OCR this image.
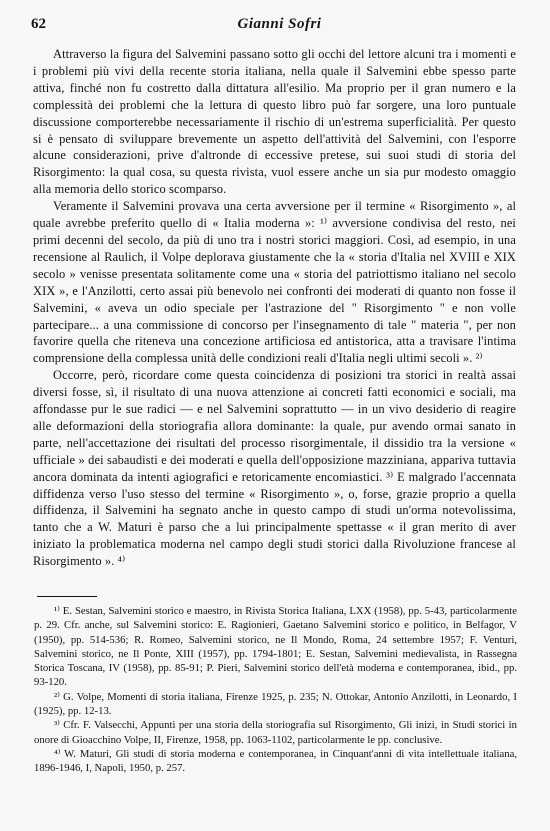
62	Gianni Sofri

Attraverso la figura del Salvemini passano sotto gli occhi del lettore alcuni tra i momenti e i problemi più vivi della recente storia italiana, nella quale il Salvemini ebbe spesso parte attiva, finché non fu costretto dalla dittatura all'esilio. Ma proprio per il gran numero e la complessità dei problemi che la lettura di questo libro può far sorgere, una loro puntuale discussione comporterebbe necessariamente il rischio di un'estrema superficialità. Per questo si è pensato di sviluppare brevemente un aspetto dell'attività del Salvemini, con l'esporre alcune considerazioni, prive d'altronde di eccessive pretese, sui suoi studi di storia del Risorgimento: la qual cosa, su questa rivista, vuol essere anche un sia pur modesto omaggio alla memoria dello storico scomparso.

Veramente il Salvemini provava una certa avversione per il termine « Risorgimento », al quale avrebbe preferito quello di « Italia moderna »: ¹⁾ avversione condivisa del resto, nei primi decenni del secolo, da più di uno tra i nostri storici maggiori. Così, ad esempio, in una recensione al Raulich, il Volpe deplorava giustamente che la « storia d'Italia nel XVIII e XIX secolo » venisse presentata solitamente come una « storia del patriottismo italiano nel secolo XIX », e l'Anzilotti, certo assai più benevolo nei confronti dei moderati di quanto non fosse il Salvemini, « aveva un odio speciale per l'astrazione del " Risorgimento " e non volle partecipare... a una commissione di concorso per l'insegnamento di tale " materia ", per non favorire quella che riteneva una concezione artificiosa ed antistorica, atta a travisare l'intima comprensione della complessa unità delle condizioni reali d'Italia negli ultimi secoli ». ²⁾

Occorre, però, ricordare come questa coincidenza di posizioni tra storici in realtà assai diversi fosse, sì, il risultato di una nuova attenzione ai concreti fatti economici e sociali, ma affondasse pur le sue radici — e nel Salvemini soprattutto — in un vivo desiderio di reagire alle deformazioni della storiografia allora dominante: la quale, pur avendo ormai sanato in parte, nell'accettazione dei risultati del processo risorgimentale, il dissidio tra la versione « ufficiale » dei sabaudisti e dei moderati e quella dell'opposizione mazziniana, appariva tuttavia ancora dominata da intenti agiografici e retoricamente encomiastici. ³⁾ E malgrado l'accennata diffidenza verso l'uso stesso del termine « Risorgimento », o, forse, grazie proprio a quella diffidenza, il Salvemini ha segnato anche in questo campo di studi un'orma notevolissima, tanto che a W. Maturi è parso che a lui principalmente spettasse « il gran merito di aver iniziato la problematica moderna nel campo degli studi storici dalla Rivoluzione francese al Risorgimento ». ⁴⁾

¹⁾ E. Sestan, Salvemini storico e maestro, in Rivista Storica Italiana, LXX (1958), pp. 5-43, particolarmente p. 29. Cfr. anche, sul Salvemini storico: E. Ragionieri, Gaetano Salvemini storico e politico, in Belfagor, V (1950), pp. 514-536; R. Romeo, Salvemini storico, ne Il Mondo, Roma, 24 settembre 1957; F. Venturi, Salvemini storico, ne Il Ponte, XIII (1957), pp. 1794-1801; E. Sestan, Salvemini medievalista, in Rassegna Storica Toscana, IV (1958), pp. 85-91; P. Pieri, Salvemini storico dell'età moderna e contemporanea, ibid., pp. 93-120.

²⁾ G. Volpe, Momenti di storia italiana, Firenze 1925, p. 235; N. Ottokar, Antonio Anzilotti, in Leonardo, I (1925), pp. 12-13.

³⁾ Cfr. F. Valsecchi, Appunti per una storia della storiografia sul Risorgimento, Gli inizi, in Studi storici in onore di Gioacchino Volpe, II, Firenze, 1958, pp. 1063-1102, particolarmente le pp. conclusive.

⁴⁾ W. Maturi, Gli studi di storia moderna e contemporanea, in Cinquant'anni di vita intellettuale italiana, 1896-1946, I, Napoli, 1950, p. 257.
